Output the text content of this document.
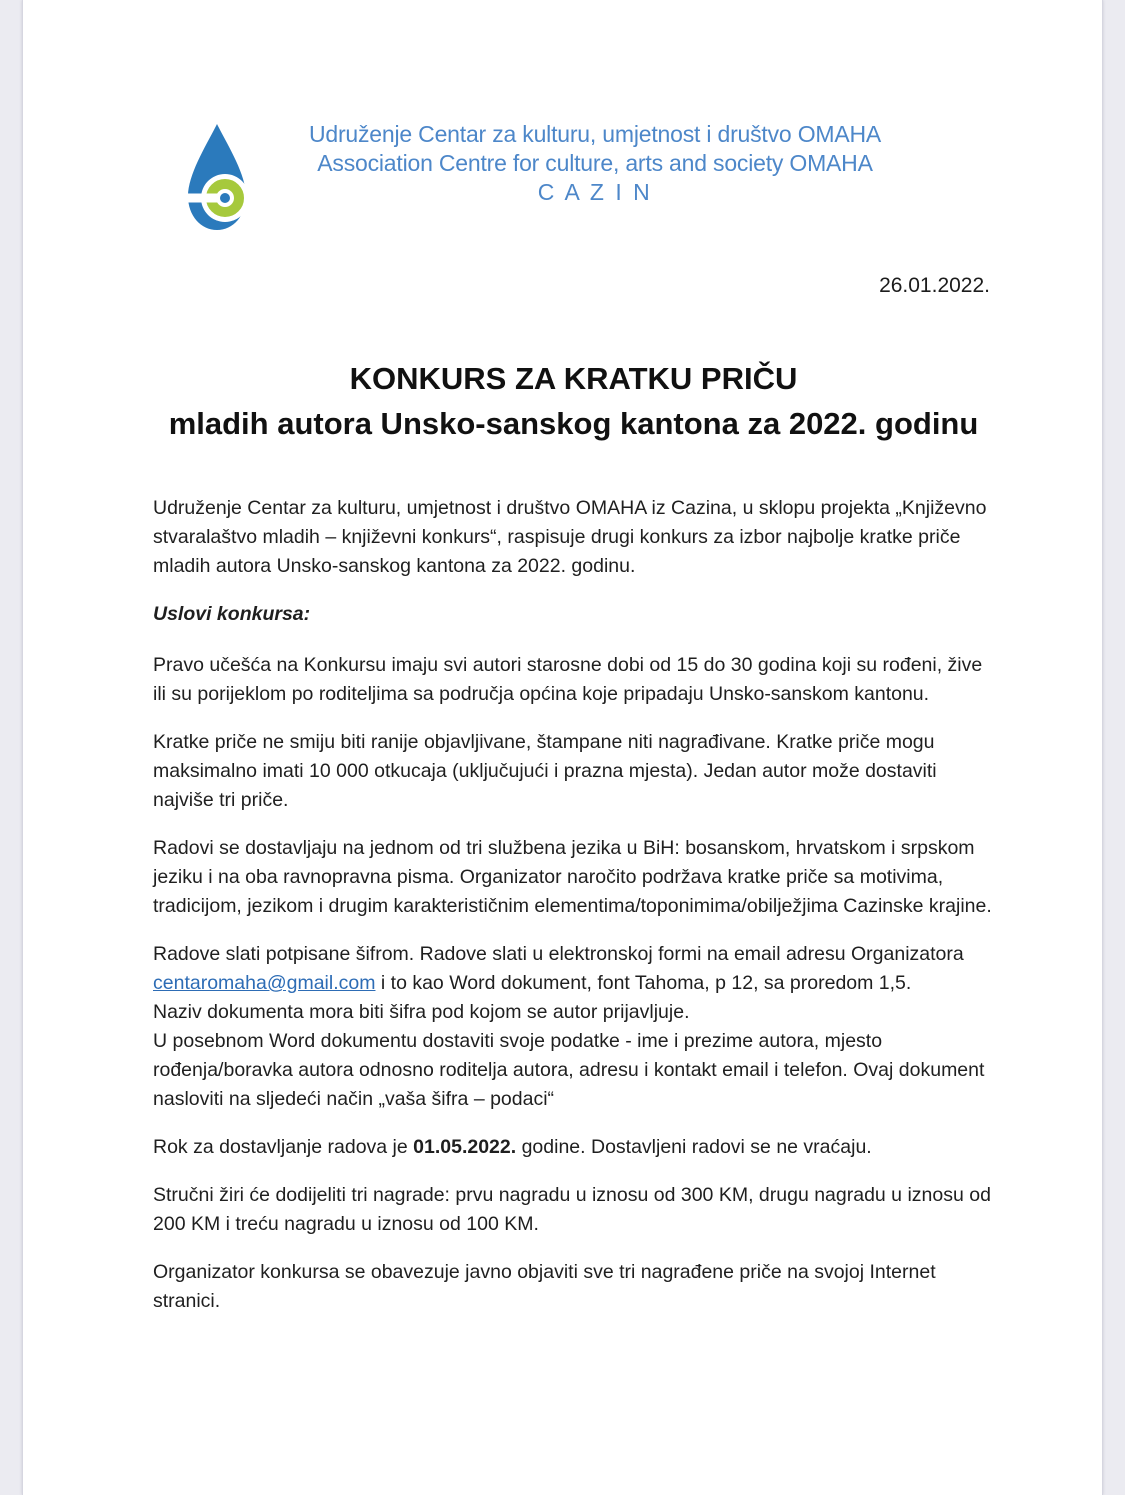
Udruženje Centar za kulturu, umjetnost i društvo OMAHA
Association Centre for culture, arts and society OMAHA
C A Z I N
26.01.2022.
KONKURS ZA KRATKU PRIČU
mladih autora Unsko-sanskog kantona za 2022. godinu

Udruženje Centar za kulturu, umjetnost i društvo OMAHA iz Cazina, u sklopu projekta „Književno stvaralaštvo mladih – književni konkurs“, raspisuje drugi konkurs za izbor najbolje kratke priče mladih autora Unsko-sanskog kantona za 2022. godinu.

Uslovi konkursa:

Pravo učešća na Konkursu imaju svi autori starosne dobi od 15 do 30 godina koji su rođeni, žive ili su porijeklom po roditeljima sa područja općina koje pripadaju Unsko-sanskom kantonu.

Kratke priče ne smiju biti ranije objavljivane, štampane niti nagrađivane. Kratke priče mogu maksimalno imati 10 000 otkucaja (uključujući i prazna mjesta). Jedan autor može dostaviti najviše tri priče.

Radovi se dostavljaju na jednom od tri službena jezika u BiH: bosanskom, hrvatskom i srpskom jeziku i na oba ravnopravna pisma. Organizator naročito podržava kratke priče sa motivima, tradicijom, jezikom i drugim karakterističnim elementima/toponimima/obilježjima Cazinske krajine.

Radove slati potpisane šifrom. Radove slati u elektronskoj formi na email adresu Organizatora centaromaha@gmail.com i to kao Word dokument, font Tahoma, p 12, sa proredom 1,5.
Naziv dokumenta mora biti šifra pod kojom se autor prijavljuje.
U posebnom Word dokumentu dostaviti svoje podatke - ime i prezime autora, mjesto rođenja/boravka autora odnosno roditelja autora, adresu i kontakt email i telefon. Ovaj dokument nasloviti na sljedeći način „vaša šifra – podaci“

Rok za dostavljanje radova je 01.05.2022. godine. Dostavljeni radovi se ne vraćaju.

Stručni žiri će dodijeliti tri nagrade: prvu nagradu u iznosu od 300 KM, drugu nagradu u iznosu od 200 KM i treću nagradu u iznosu od 100 KM.

Organizator konkursa se obavezuje javno objaviti sve tri nagrađene priče na svojoj Internet stranici.
